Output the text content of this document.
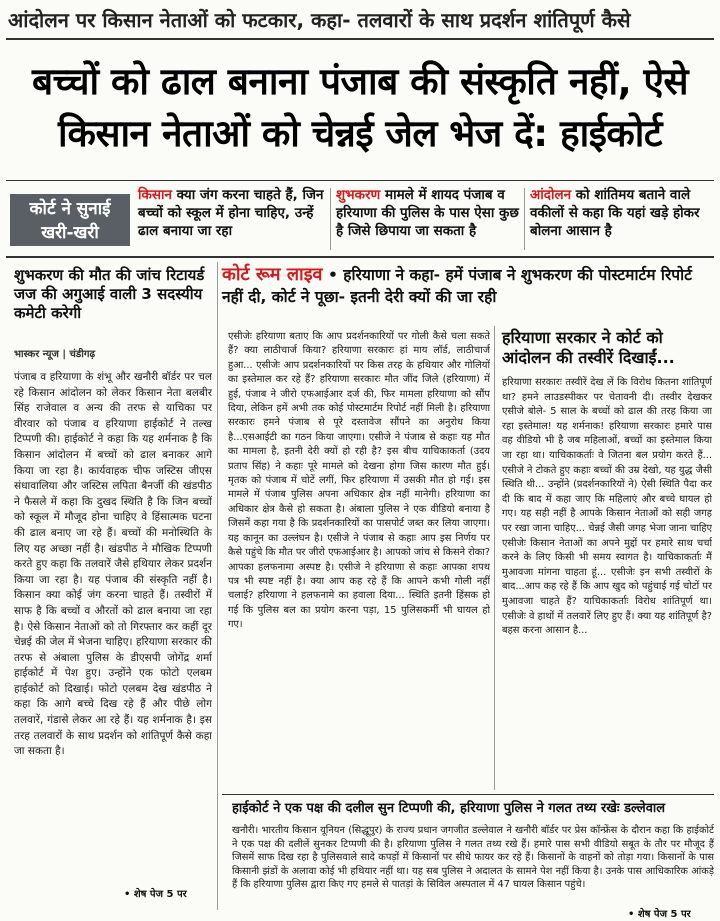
आंदोलन पर किसान नेताओं को फटकार, कहा- तलवारों के साथ प्रदर्शन शांतिपूर्ण कैसे
बच्चों को ढाल बनाना पंजाब की संस्कृति नहीं, ऐसे
किसान नेताओं को चेन्नई जेल भेज दें: हाईकोर्ट
कोर्ट ने सुनाई
खरी-खरी
किसान क्या जंग करना चाहते हैं, जिन बच्चों को स्कूल में होना चाहिए, उन्हें ढाल बनाया जा रहा
शुभकरण मामले में शायद पंजाब व हरियाणा की पुलिस के पास ऐसा कुछ है जिसे छिपाया जा सकता है
आंदोलन को शांतिमय बताने वाले वकीलों से कहा कि यहां खड़े होकर बोलना आसान है
शुभकरण की मौत की जांच रिटायर्ड जज की अगुआई वाली 3 सदस्यीय कमेटी करेगी
भास्कर न्यूज | चंडीगढ़
पंजाब व हरियाणा के शंभू और खनौरी बॉर्डर पर चल रहे किसान आंदोलन को लेकर किसान नेता बलबीर सिंह राजेवाल व अन्य की तरफ से याचिका पर वीरवार को पंजाब व हरियाणा हाईकोर्ट ने तल्ख टिप्पणी की। हाईकोर्ट ने कहा कि यह शर्मनाक है कि किसान आंदोलन में बच्चों को ढाल बनाकर आगे किया जा रहा है। कार्यवाहक चीफ जस्टिस जीएस संधावालिया और जस्टिस लपिता बैनर्जी की खंडपीठ ने फैसले में कहा कि दुखद स्थिति है कि जिन बच्चों को स्कूल में मौजूद होना चाहिए वे हिंसात्मक घटना की ढाल बनाए जा रहे हैं। बच्चों की मनोस्थिति के लिए यह अच्छा नहीं है। खंडपीठ ने मौखिक टिप्पणी करते हुए कहा कि तलवारें जैसे हथियार लेकर प्रदर्शन किया जा रहा है। यह पंजाब की संस्कृति नहीं है। किसान क्या कोई जंग करना चाहते हैं। तस्वीरों में साफ है कि बच्चों व औरतों को ढाल बनाया जा रहा है। ऐसे किसान नेताओं को तो गिरफ्तार कर कहीं दूर चेन्नई की जेल में भेजना चाहिए। हरियाणा सरकार की तरफ से अंबाला पुलिस के डीएसपी जोगेंद्र शर्मा हाईकोर्ट में पेश हुए। उन्होंने एक फोटो एलबम हाईकोर्ट को दिखाई। फोटो एलबम देख खंडपीठ ने कहा कि आगे बच्चे दिख रहे हैं और पीछे लोग तलवारें, गंडासे लेकर आ रहे हैं। यह शर्मनाक है। इस तरह तलवारों के साथ प्रदर्शन को शांतिपूर्ण कैसे कहा जा सकता है।
• शेष पेज 5 पर
कोर्ट रूम लाइव • हरियाणा ने कहा- हमें पंजाब ने शुभकरण की पोस्टमार्टम रिपोर्ट नहीं दी, कोर्ट ने पूछा- इतनी देरी क्यों की जा रही
एसीजेः हरियाणा बताए कि आप प्रदर्शनकारियों पर गोली कैसे चला सकते हैं? क्या लाठीचार्ज किया? हरियाणा सरकारः हां माय लॉर्ड, लाठीचार्ज हुआ... एसीजेः आप प्रदर्शनकारियों पर किस तरह के हथियार और गोलियों का इस्तेमाल कर रहे हैं? हरियाणा सरकारः मौत जींद जिले (हरियाणा) में हुई, पंजाब ने जीरो एफआईआर दर्ज की, फिर मामला हरियाणा को सौंप दिया, लेकिन हमें अभी तक कोई पोस्टमार्टम रिपोर्ट नहीं मिली है। हरियाणा सरकारः हमने पंजाब से पूरे दस्तावेज सौंपने का अनुरोध किया है...एसआईटी का गठन किया जाएगा। एसीजे ने पंजाब से कहाः यह मौत का मामला है, इतनी देरी क्यों हो रही है? इस बीच याचिकाकर्ता (उदय प्रताप सिंह) ने कहाः पूरे मामले को देखना होगा जिस कारण मौत हुई। मृतक को पंजाब में चोटें लगीं, फिर हरियाणा में उसकी मौत हो गई। इस मामले में पंजाब पुलिस अपना अधिकार क्षेत्र नहीं मानेगी। हरियाणा का अधिकार क्षेत्र कैसे हो सकता है। अंबाला पुलिस ने एक वीडियो बनाया है जिसमें कहा गया है कि प्रदर्शनकारियों का पासपोर्ट जब्त कर लिया जाएगा। यह कानून का उल्लंघन है। एसीजे ने पंजाब से कहाः आप इस निर्णय पर कैसे पहुंचे कि मौत पर जीरो एफआईआर है। आपको जांच से किसने रोका? आपका हलफनामा अस्पष्ट है। एसीजे ने हरियाणा से कहाः आपका शपथ पत्र भी स्पष्ट नहीं है। क्या आप कह रहे हैं कि आपने कभी गोली नहीं चलाई? हरियाणा ने हलफनामे का हवाला दिया... स्थिति इतनी हिंसक हो गई कि पुलिस बल का प्रयोग करना पड़ा, 15 पुलिसकर्मी भी घायल हो गए।
हरियाणा सरकार ने कोर्ट को आंदोलन की तस्वीरें दिखाईं...
हरियाणा सरकारः तस्वीरें देख लें कि विरोध कितना शांतिपूर्ण था? हमने लाउडस्पीकर पर चेतावनी दी। तस्वीर देखकर एसीजे बोले- 5 साल के बच्चों को ढाल की तरह किया जा रहा इस्तेमाल! यह शर्मनाक! हरियाणा सरकारः हमारे पास वह वीडियो भी है जब महिलाओं, बच्चों का इस्तेमाल किया जा रहा था। याचिकाकर्ताः वे जितना बल प्रयोग करते हैं... एसीजे ने टोकते हुए कहाः बच्चों की उम्र देखो, यह युद्ध जैसी स्थिति थी... उन्होंने (प्रदर्शनकारियों ने) ऐसी स्थिति पैदा कर दी कि बाद में कहा जाए कि महिलाएं और बच्चे घायल हो गए। यह सही नहीं है आपके किसान नेताओं को सही जगह पर रखा जाना चाहिए... चेन्नई जैसी जगह भेजा जाना चाहिए एसीजेः किसान नेताओं का अपने मुद्दों पर हमारे साथ चर्चा करने के लिए किसी भी समय स्वागत है। याचिकाकर्ताः मैं मुआवजा मांगना चाहता हूं... एसीजेः इन सभी तस्वीरों के बाद...आप कह रहे हैं कि आप खुद को पहुंचाई गई चोटों पर मुआवजा चाहते हैं? याचिकाकर्ताः विरोध शांतिपूर्ण था। एसीजेः वे हाथों में तलवारें लिए हुए हैं। क्या यह शांतिपूर्ण है? बहस करना आसान है...
हाईकोर्ट ने एक पक्ष की दलील सुन टिप्पणी की, हरियाणा पुलिस ने गलत तथ्य रखेः डल्लेवाल
खनौरी। भारतीय किसान यूनियन (सिद्धूपुर) के राज्य प्रधान जगजीत डल्लेवाल ने खनौरी बॉर्डर पर प्रेस कॉन्फ्रेंस के दौरान कहा कि हाईकोर्ट ने एक पक्ष की दलीलें सुनकर टिप्पणी की है। हरियाणा पुलिस ने गलत तथ्य रखे हैं। हमारे पास सभी वीडियो सबूत के तौर पर मौजूद हैं जिसमें साफ दिख रहा है पुलिसवाले सादे कपड़ों में किसानों पर सीधे फायर कर रहे हैं। किसानों के वाहनों को तोड़ा गया। किसानों के पास किसानी झंडों के अलावा कोई भी हथियार नहीं था। यह सब पुलिस ने अदालत के सामने पेश नहीं किया है। उनके पास आधिकारिक आंकड़े हैं कि हरियाणा पुलिस द्वारा किए गए हमले से पातड़ां के सिविल अस्पताल में 47 घायल किसान पहुंचे।
• शेष पेज 5 पर
